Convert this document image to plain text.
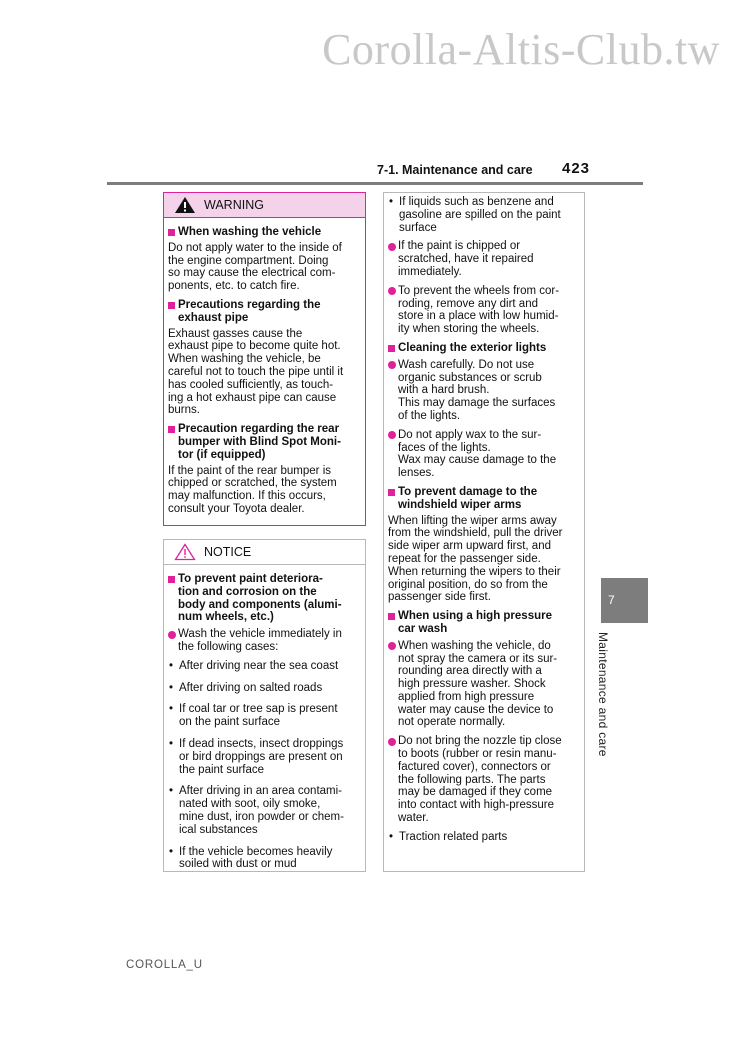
Corolla-Altis-Club.tw
7-1. Maintenance and care 423
WARNING
When washing the vehicle
Do not apply water to the inside of
the engine compartment. Doing
so may cause the electrical com-
ponents, etc. to catch fire.
Precautions regarding the
exhaust pipe
Exhaust gasses cause the
exhaust pipe to become quite hot.
When washing the vehicle, be
careful not to touch the pipe until it
has cooled sufficiently, as touch-
ing a hot exhaust pipe can cause
burns.
Precaution regarding the rear
bumper with Blind Spot Moni-
tor (if equipped)
If the paint of the rear bumper is
chipped or scratched, the system
may malfunction. If this occurs,
consult your Toyota dealer.
NOTICE
To prevent paint deteriora-
tion and corrosion on the
body and components (alumi-
num wheels, etc.)
Wash the vehicle immediately in
the following cases:
• After driving near the sea coast
• After driving on salted roads
• If coal tar or tree sap is present
on the paint surface
• If dead insects, insect droppings
or bird droppings are present on
the paint surface
• After driving in an area contami-
nated with soot, oily smoke,
mine dust, iron powder or chem-
ical substances
• If the vehicle becomes heavily
soiled with dust or mud
• If liquids such as benzene and
gasoline are spilled on the paint
surface
If the paint is chipped or
scratched, have it repaired
immediately.
To prevent the wheels from cor-
roding, remove any dirt and
store in a place with low humid-
ity when storing the wheels.
Cleaning the exterior lights
Wash carefully. Do not use
organic substances or scrub
with a hard brush.
This may damage the surfaces
of the lights.
Do not apply wax to the sur-
faces of the lights.
Wax may cause damage to the
lenses.
To prevent damage to the
windshield wiper arms
When lifting the wiper arms away
from the windshield, pull the driver
side wiper arm upward first, and
repeat for the passenger side.
When returning the wipers to their
original position, do so from the
passenger side first.
When using a high pressure
car wash
When washing the vehicle, do
not spray the camera or its sur-
rounding area directly with a
high pressure washer. Shock
applied from high pressure
water may cause the device to
not operate normally.
Do not bring the nozzle tip close
to boots (rubber or resin manu-
factured cover), connectors or
the following parts. The parts
may be damaged if they come
into contact with high-pressure
water.
• Traction related parts
7
Maintenance and care
COROLLA_U
